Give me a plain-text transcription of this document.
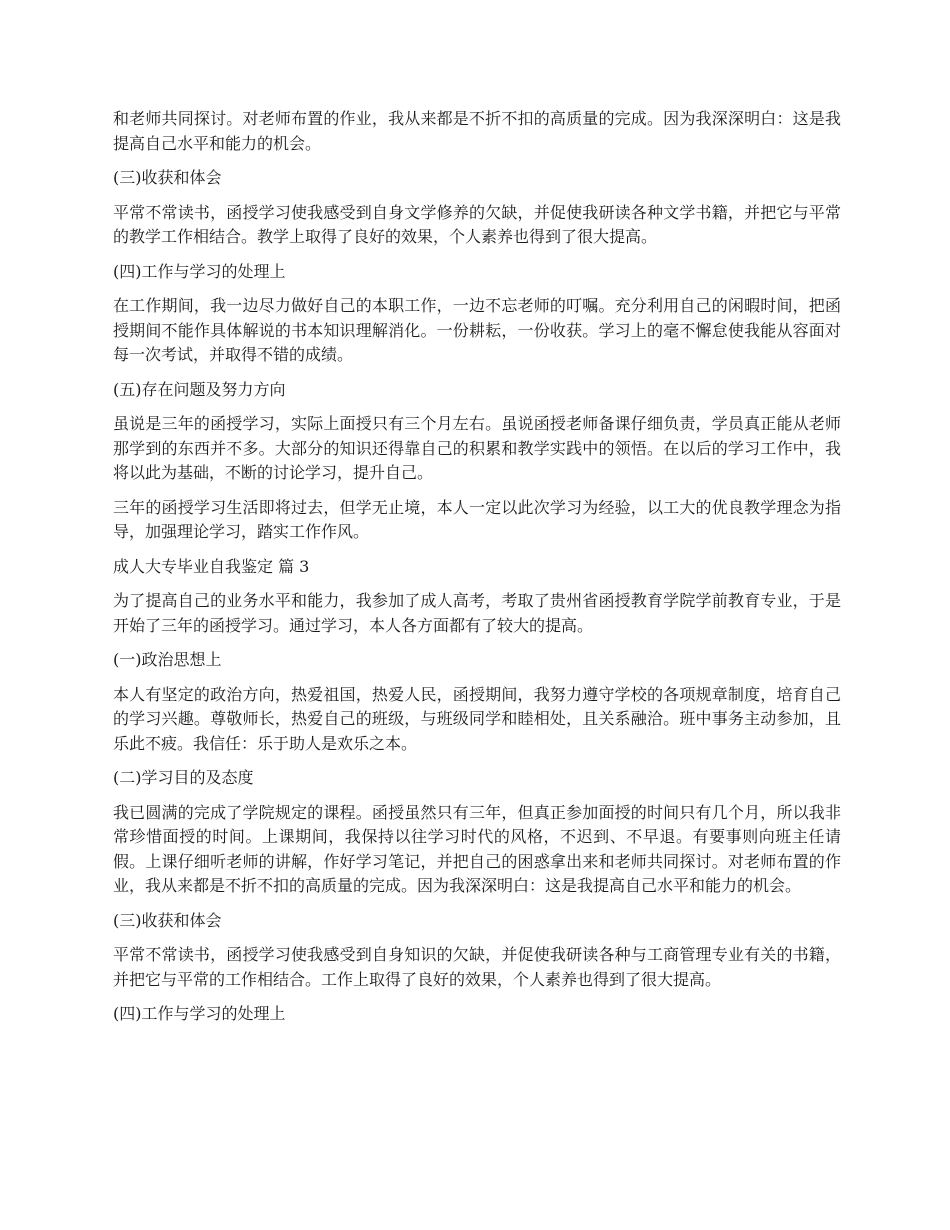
和老师共同探讨。对老师布置的作业，我从来都是不折不扣的高质量的完成。因为我深深明白：这是我提高自己水平和能力的机会。

(三)收获和体会

平常不常读书，函授学习使我感受到自身文学修养的欠缺，并促使我研读各种文学书籍，并把它与平常的教学工作相结合。教学上取得了良好的效果，个人素养也得到了很大提高。

(四)工作与学习的处理上

在工作期间，我一边尽力做好自己的本职工作，一边不忘老师的叮嘱。充分利用自己的闲暇时间，把函授期间不能作具体解说的书本知识理解消化。一份耕耘，一份收获。学习上的毫不懈怠使我能从容面对每一次考试，并取得不错的成绩。

(五)存在问题及努力方向

虽说是三年的函授学习，实际上面授只有三个月左右。虽说函授老师备课仔细负责，学员真正能从老师那学到的东西并不多。大部分的知识还得靠自己的积累和教学实践中的领悟。在以后的学习工作中，我将以此为基础，不断的讨论学习，提升自己。

三年的函授学习生活即将过去，但学无止境，本人一定以此次学习为经验，以工大的优良教学理念为指导，加强理论学习，踏实工作作风。

成人大专毕业自我鉴定 篇 3

为了提高自己的业务水平和能力，我参加了成人高考，考取了贵州省函授教育学院学前教育专业，于是开始了三年的函授学习。通过学习，本人各方面都有了较大的提高。

(一)政治思想上

本人有坚定的政治方向，热爱祖国，热爱人民，函授期间，我努力遵守学校的各项规章制度，培育自己的学习兴趣。尊敬师长，热爱自己的班级，与班级同学和睦相处，且关系融洽。班中事务主动参加，且乐此不疲。我信任：乐于助人是欢乐之本。

(二)学习目的及态度

我已圆满的完成了学院规定的课程。函授虽然只有三年，但真正参加面授的时间只有几个月，所以我非常珍惜面授的时间。上课期间，我保持以往学习时代的风格，不迟到、不早退。有要事则向班主任请假。上课仔细听老师的讲解，作好学习笔记，并把自己的困惑拿出来和老师共同探讨。对老师布置的作业，我从来都是不折不扣的高质量的完成。因为我深深明白：这是我提高自己水平和能力的机会。

(三)收获和体会

平常不常读书，函授学习使我感受到自身知识的欠缺，并促使我研读各种与工商管理专业有关的书籍，并把它与平常的工作相结合。工作上取得了良好的效果，个人素养也得到了很大提高。

(四)工作与学习的处理上
